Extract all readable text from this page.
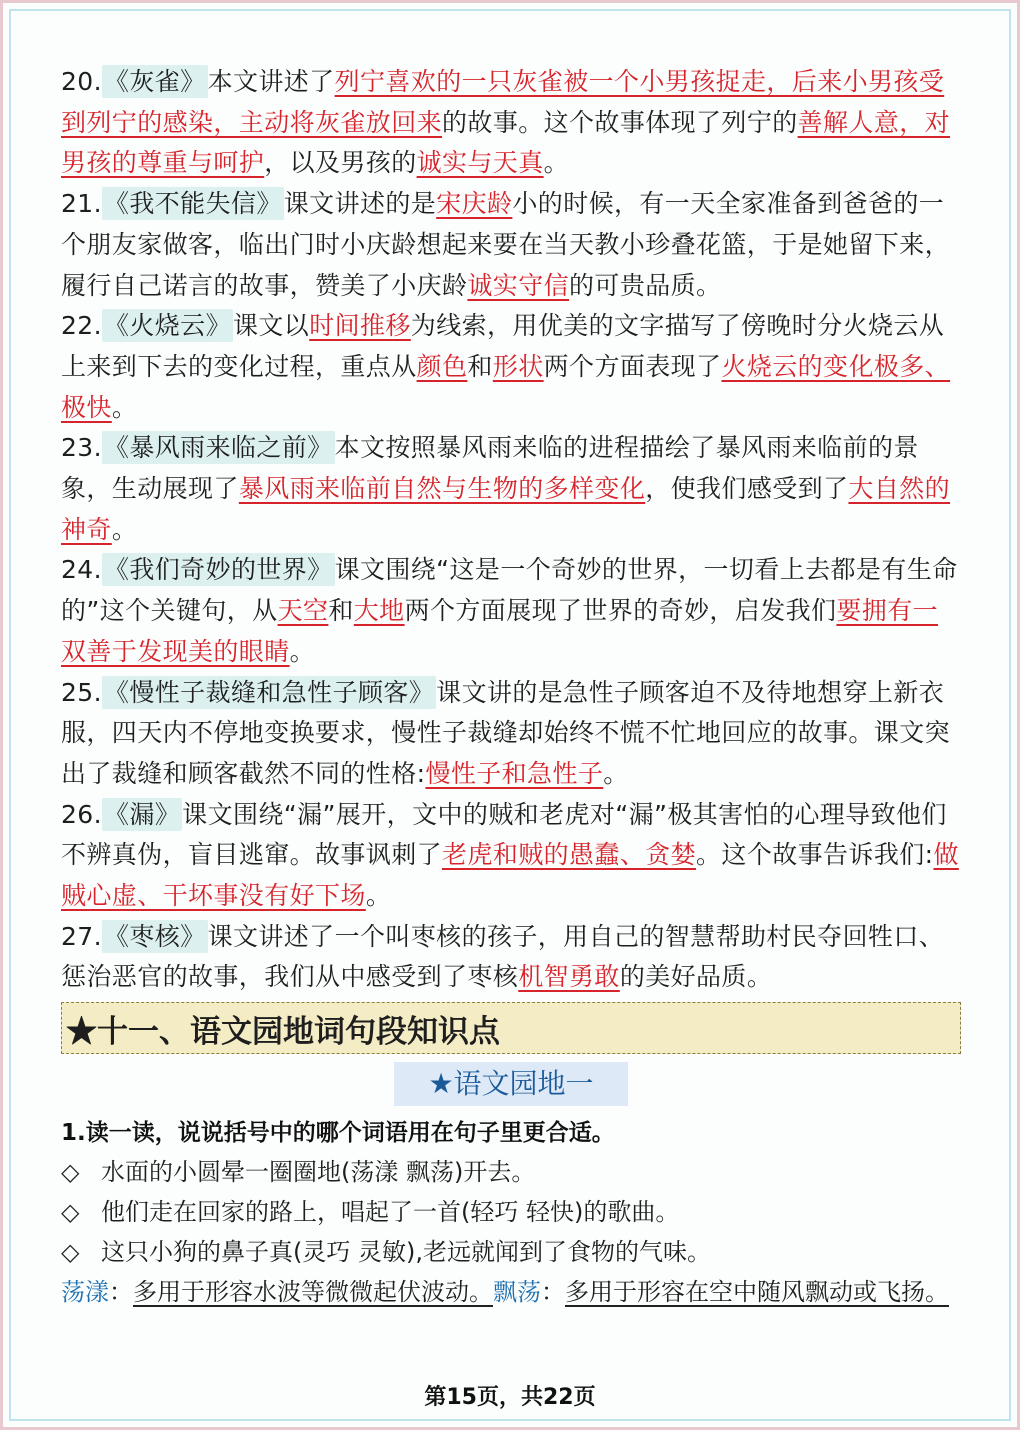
20.《灰雀》本文讲述了列宁喜欢的一只灰雀被一个小男孩捉走，后来小男孩受到列宁的感染，主动将灰雀放回来的故事。这个故事体现了列宁的善解人意，对男孩的尊重与呵护，以及男孩的诚实与天真。

21.《我不能失信》课文讲述的是宋庆龄小的时候，有一天全家准备到爸爸的一个朋友家做客，临出门时小庆龄想起来要在当天教小珍叠花篮，于是她留下来，履行自己诺言的故事，赞美了小庆龄诚实守信的可贵品质。

22.《火烧云》课文以时间推移为线索，用优美的文字描写了傍晚时分火烧云从上来到下去的变化过程，重点从颜色和形状两个方面表现了火烧云的变化极多、极快。

23.《暴风雨来临之前》本文按照暴风雨来临的进程描绘了暴风雨来临前的景象，生动展现了暴风雨来临前自然与生物的多样变化，使我们感受到了大自然的神奇。

24.《我们奇妙的世界》课文围绕“这是一个奇妙的世界，一切看上去都是有生命的”这个关键句，从天空和大地两个方面展现了世界的奇妙，启发我们要拥有一双善于发现美的眼睛。

25.《慢性子裁缝和急性子顾客》课文讲的是急性子顾客迫不及待地想穿上新衣服，四天内不停地变换要求，慢性子裁缝却始终不慌不忙地回应的故事。课文突出了裁缝和顾客截然不同的性格:慢性子和急性子。

26.《漏》课文围绕“漏”展开，文中的贼和老虎对“漏”极其害怕的心理导致他们不辨真伪，盲目逃窜。故事讽刺了老虎和贼的愚蠢、贪婪。这个故事告诉我们:做贼心虚、干坏事没有好下场。

27.《枣核》课文讲述了一个叫枣核的孩子，用自己的智慧帮助村民夺回牲口、惩治恶官的故事，我们从中感受到了枣核机智勇敢的美好品质。

★十一、语文园地词句段知识点
★语文园地一
1.读一读，说说括号中的哪个词语用在句子里更合适。
◇ 水面的小圆晕一圈圈地(荡漾 飘荡)开去。
◇ 他们走在回家的路上，唱起了一首(轻巧 轻快)的歌曲。
◇ 这只小狗的鼻子真(灵巧 灵敏),老远就闻到了食物的气味。
荡漾：多用于形容水波等微微起伏波动。飘荡：多用于形容在空中随风飘动或飞扬。
第15页，共22页
